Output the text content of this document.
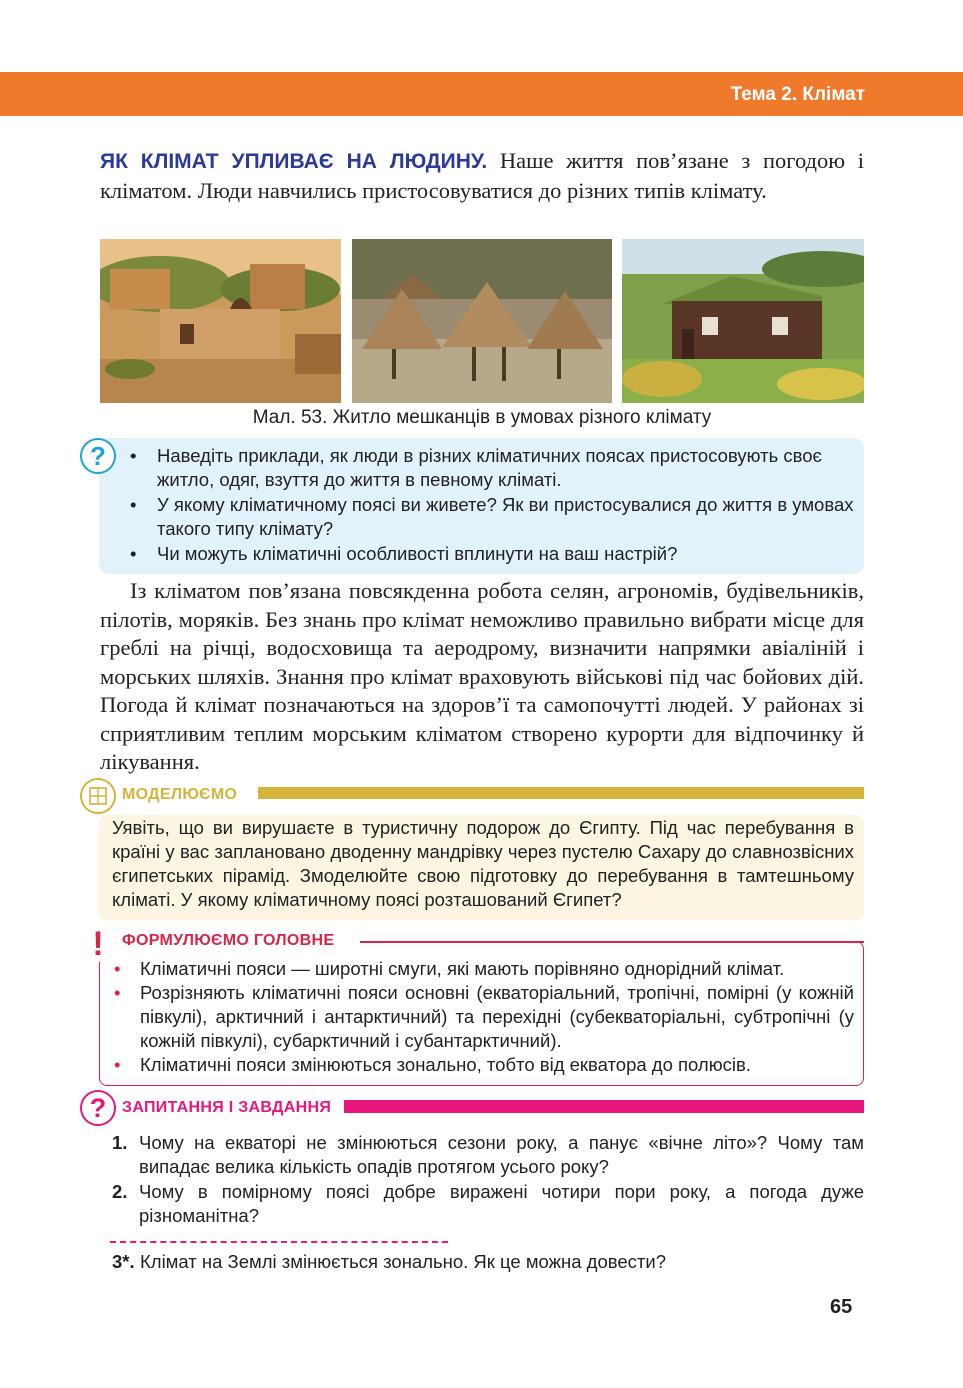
Тема 2. Клімат
ЯК КЛІМАТ УПЛИВАЄ НА ЛЮДИНУ. Наше життя пов’язане з погодою і кліматом. Люди навчились пристосовуватися до різних типів клімату.
Мал. 53. Житло мешканців в умовах різного клімату
?
•	Наведіть приклади, як люди в різних кліматичних поясах пристосовують своє житло, одяг, взуття до життя в певному кліматі.
• У якому кліматичному поясі ви живете? Як ви пристосувалися до життя в умовах такого типу клімату?
• Чи можуть кліматичні особливості вплинути на ваш настрій?
Із кліматом пов’язана повсякденна робота селян, агрономів, будівельників, пілотів, моряків. Без знань про клімат неможливо правильно вибрати місце для греблі на річці, водосховища та аеродрому, визначити напрямки авіаліній і морських шляхів. Знання про клімат враховують військові під час бойових дій. Погода й клімат позначаються на здоров’ї та самопочутті людей. У районах зі сприятливим теплим морським кліматом створено курорти для відпочинку й лікування.
МОДЕЛЮЄМО
Уявіть, що ви вирушаєте в туристичну подорож до Єгипту. Під час перебування в країні у вас заплановано дводенну мандрівку через пустелю Сахару до славнозвісних єгипетських пірамід. Змоделюйте свою підготовку до перебування в тамтешньому кліматі. У якому кліматичному поясі розташований Єгипет?
!	ФОРМУЛЮЄМО ГОЛОВНЕ
• Кліматичні пояси — широтні смуги, які мають порівняно однорідний клімат.
• Розрізняють кліматичні пояси основні (екваторіальний, тропічні, помірні (у кожній півкулі), арктичний і антарктичний) та перехідні (субекваторіальні, субтропічні (у кожній півкулі), субарктичний і субантарктичний).
• Кліматичні пояси змінюються зонально, тобто від екватора до полюсів.
? ЗАПИТАННЯ І ЗАВДАННЯ
1. Чому на екваторі не змінюються сезони року, а панує «вічне літо»? Чому там випадає велика кількість опадів протягом усього року?
2. Чому в помірному поясі добре виражені чотири пори року, а погода дуже різноманітна?
3*. Клімат на Землі змінюється зонально. Як це можна довести?
65
